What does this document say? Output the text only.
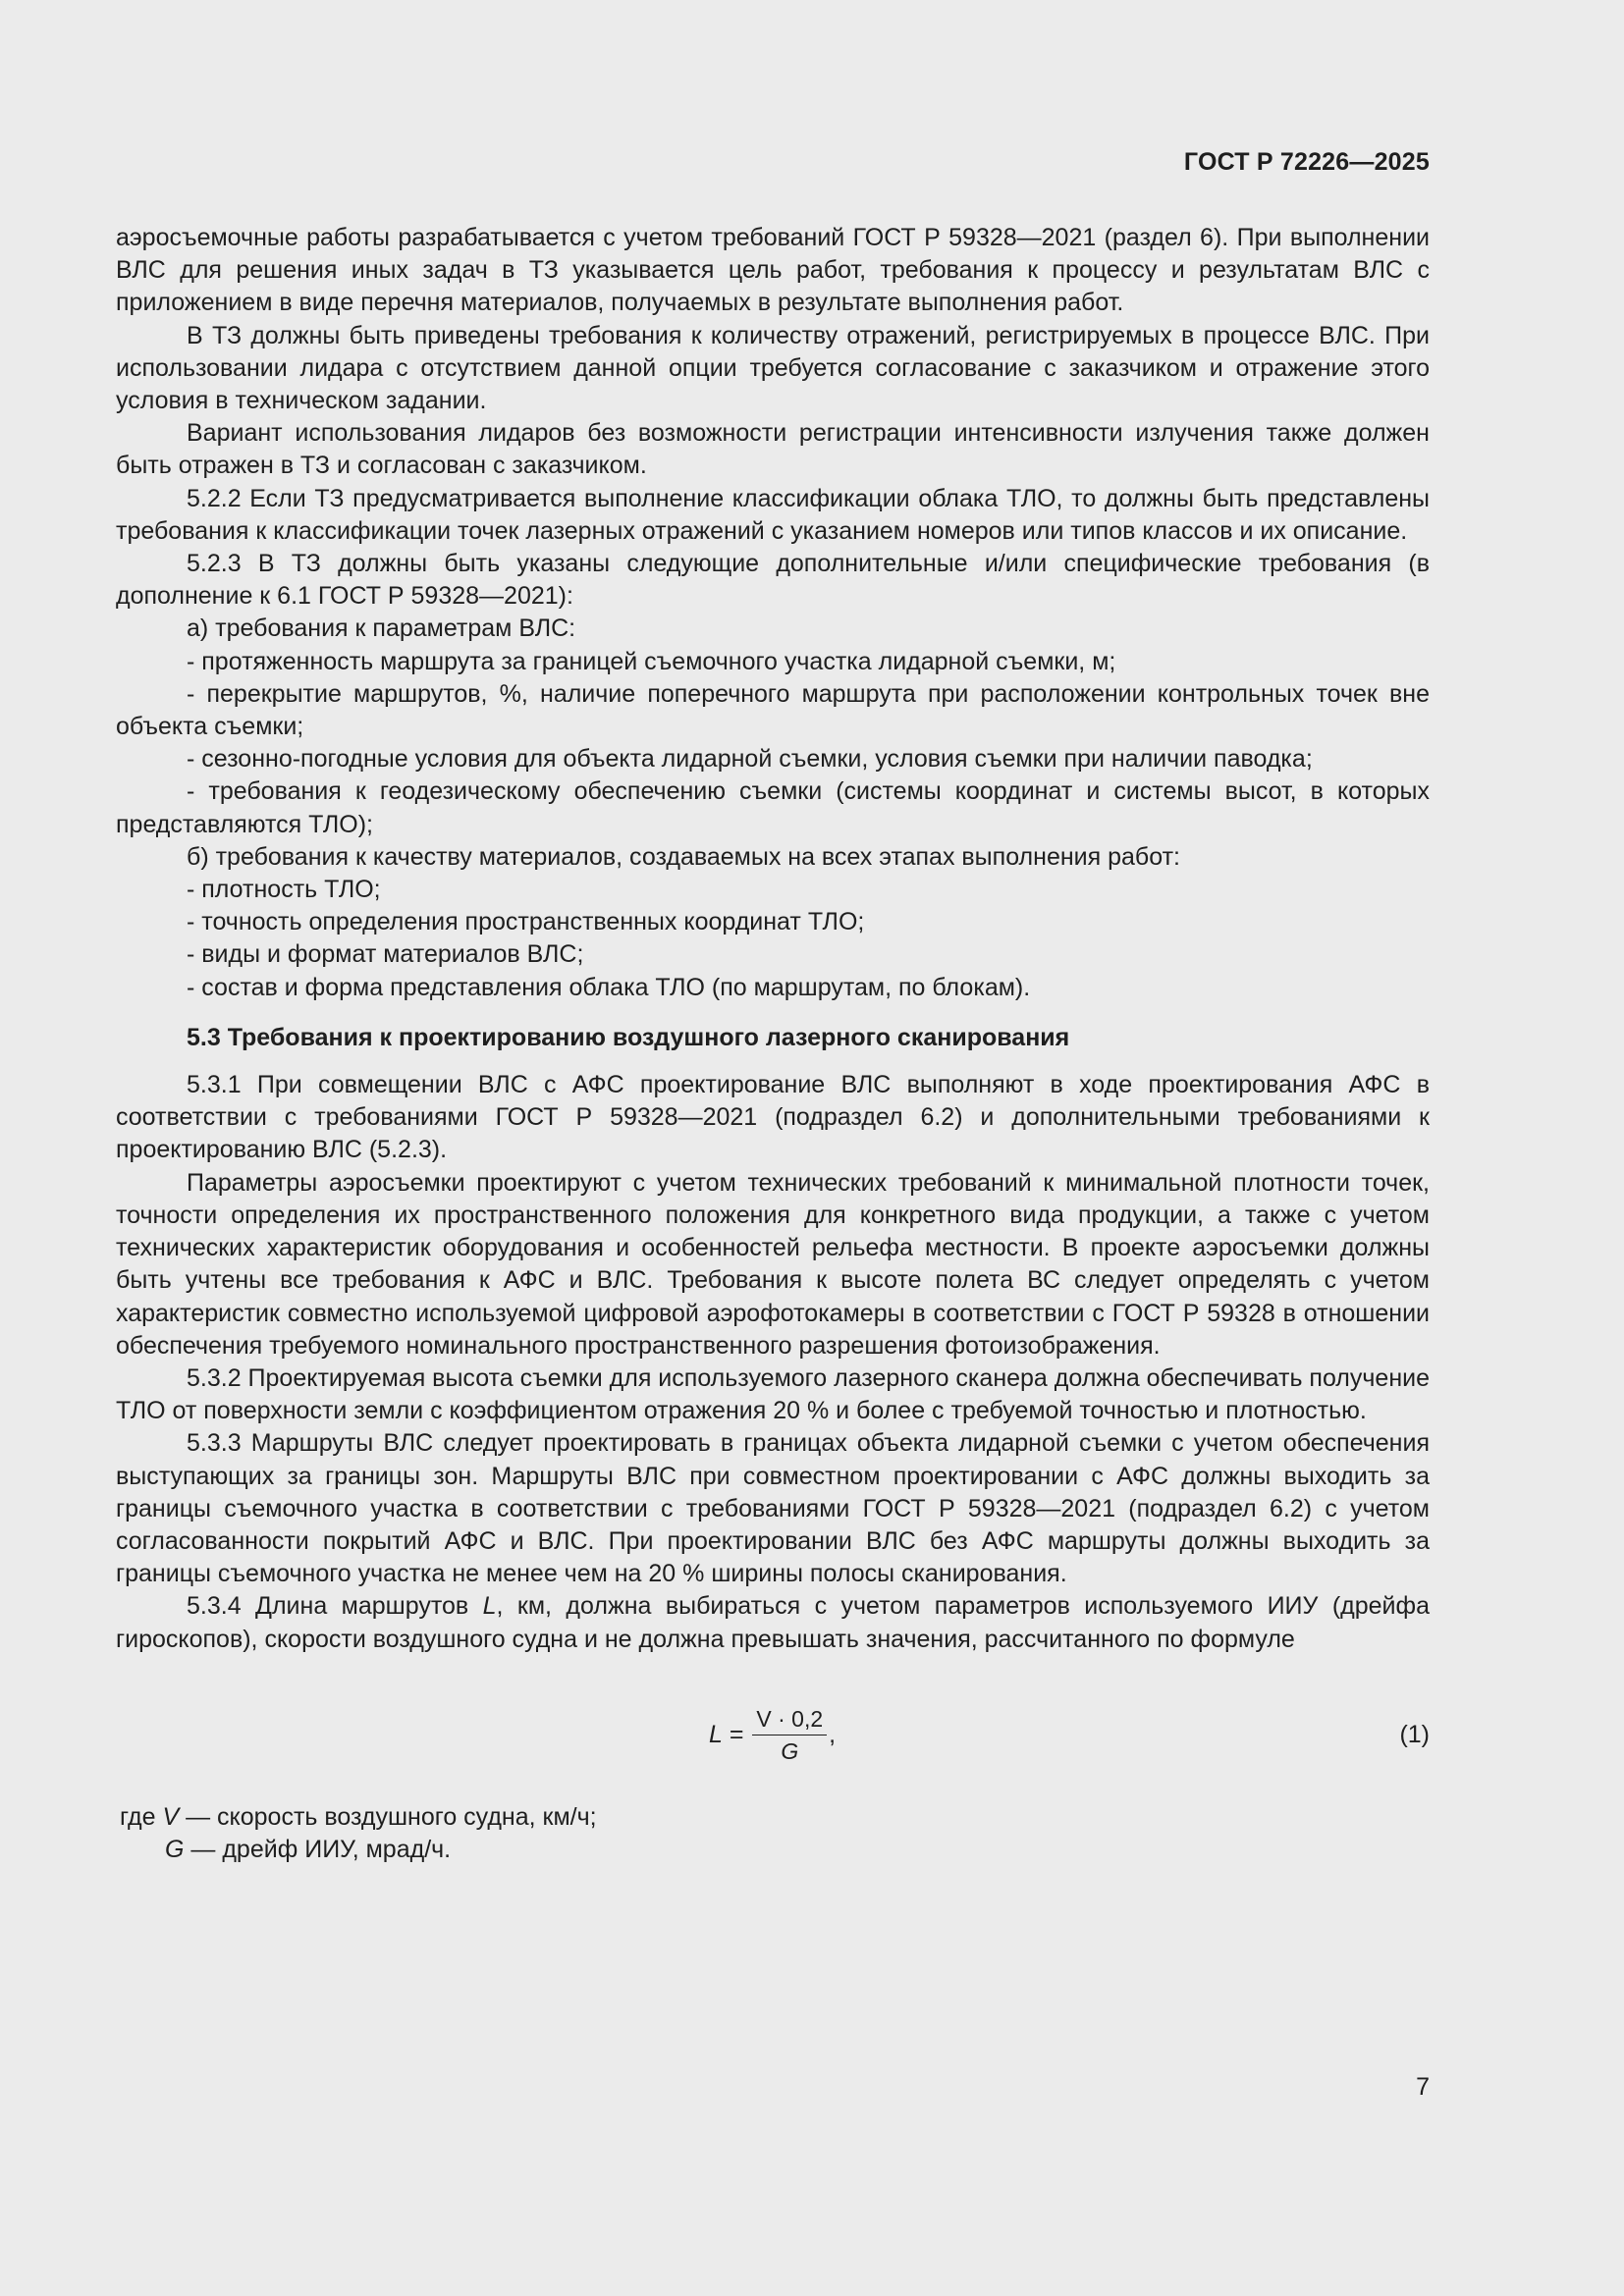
ГОСТ Р 72226—2025

аэросъемочные работы разрабатывается с учетом требований ГОСТ Р 59328—2021 (раздел 6). При выполнении ВЛС для решения иных задач в ТЗ указывается цель работ, требования к процессу и результатам ВЛС с приложением в виде перечня материалов, получаемых в результате выполнения работ.

В ТЗ должны быть приведены требования к количеству отражений, регистрируемых в процессе ВЛС. При использовании лидара с отсутствием данной опции требуется согласование с заказчиком и отражение этого условия в техническом задании.

Вариант использования лидаров без возможности регистрации интенсивности излучения также должен быть отражен в ТЗ и согласован с заказчиком.

5.2.2 Если ТЗ предусматривается выполнение классификации облака ТЛО, то должны быть представлены требования к классификации точек лазерных отражений с указанием номеров или типов классов и их описание.

5.2.3 В ТЗ должны быть указаны следующие дополнительные и/или специфические требования (в дополнение к 6.1 ГОСТ Р 59328—2021):

а) требования к параметрам ВЛС:

- протяженность маршрута за границей съемочного участка лидарной съемки, м;

- перекрытие маршрутов, %, наличие поперечного маршрута при расположении контрольных точек вне объекта съемки;

- сезонно-погодные условия для объекта лидарной съемки, условия съемки при наличии паводка;

- требования к геодезическому обеспечению съемки (системы координат и системы высот, в которых представляются ТЛО);

б) требования к качеству материалов, создаваемых на всех этапах выполнения работ:

- плотность ТЛО;

- точность определения пространственных координат ТЛО;

- виды и формат материалов ВЛС;

- состав и форма представления облака ТЛО (по маршрутам, по блокам).

5.3 Требования к проектированию воздушного лазерного сканирования

5.3.1 При совмещении ВЛС с АФС проектирование ВЛС выполняют в ходе проектирования АФС в соответствии с требованиями ГОСТ Р 59328—2021 (подраздел 6.2) и дополнительными требованиями к проектированию ВЛС (5.2.3).

Параметры аэросъемки проектируют с учетом технических требований к минимальной плотности точек, точности определения их пространственного положения для конкретного вида продукции, а также с учетом технических характеристик оборудования и особенностей рельефа местности. В проекте аэросъемки должны быть учтены все требования к АФС и ВЛС. Требования к высоте полета ВС следует определять с учетом характеристик совместно используемой цифровой аэрофотокамеры в соответствии с ГОСТ Р 59328 в отношении обеспечения требуемого номинального пространственного разрешения фотоизображения.

5.3.2 Проектируемая высота съемки для используемого лазерного сканера должна обеспечивать получение ТЛО от поверхности земли с коэффициентом отражения 20 % и более с требуемой точностью и плотностью.

5.3.3 Маршруты ВЛС следует проектировать в границах объекта лидарной съемки с учетом обеспечения выступающих за границы зон. Маршруты ВЛС при совместном проектировании с АФС должны выходить за границы съемочного участка в соответствии с требованиями ГОСТ Р 59328—2021 (подраздел 6.2) с учетом согласованности покрытий АФС и ВЛС. При проектировании ВЛС без АФС маршруты должны выходить за границы съемочного участка не менее чем на 20 % ширины полосы сканирования.

5.3.4 Длина маршрутов L, км, должна выбираться с учетом параметров используемого ИИУ (дрейфа гироскопов), скорости воздушного судна и не должна превышать значения, рассчитанного по формуле

$L = \frac{V \cdot 0,2}{G}$ ,	(1)

где V — скорость воздушного судна, км/ч;

G — дрейф ИИУ, мрад/ч.

7
